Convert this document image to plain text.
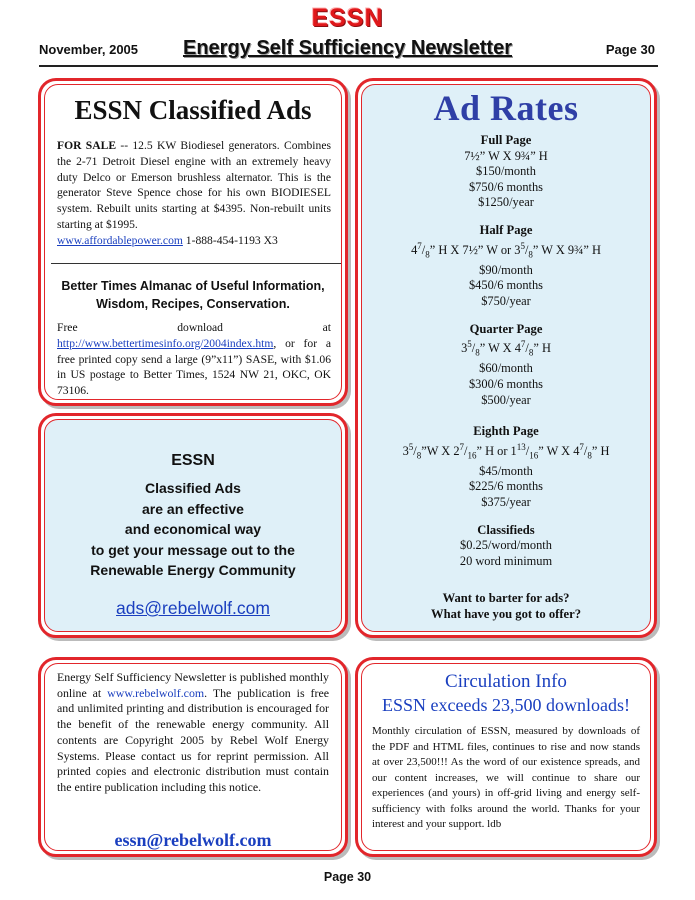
ESSN
November, 2005	Energy Self Sufficiency Newsletter	Page 30
ESSN Classified Ads
FOR SALE -- 12.5 KW Biodiesel generators. Combines the 2-71 Detroit Diesel engine with an extremely heavy duty Delco or Emerson brushless alternator. This is the generator Steve Spence chose for his own BIODIESEL system. Rebuilt units starting at $4395. Non-rebuilt units starting at $1995.
www.affordablepower.com 1-888-454-1193 X3
Better Times Almanac of Useful Information, Wisdom, Recipes, Conservation.
Free download at http://www.bettertimesinfo.org/2004index.htm, or for a free printed copy send a large (9”x11”) SASE, with $1.06 in US postage to Better Times, 1524 NW 21, OKC, OK 73106.
Ad Rates
Full Page
7½” W X 9¾” H
$150/month
$750/6 months
$1250/year
Half Page
$4^7/_8$” H X 7½” W or $3^5/_8$” W X 9¾” H
$90/month
$450/6 months
$750/year
Quarter Page
$3^5/_8$” W X $4^7/_8$” H
$60/month
$300/6 months
$500/year
Eighth Page
$3^5/_8”W$ X $2^7/_{16}$” H or $1^{13}/_{16}$” W X $4^7/_8$” H
$45/month
$225/6 months
$375/year
Classifieds
$0.25/word/month
20 word minimum
Want to barter for ads?
What have you got to offer?
ESSN
Classified Ads
are an effective
and economical way
to get your message out to the
Renewable Energy Community
ads@rebelwolf.com
Energy Self Sufficiency Newsletter is published monthly online at www.rebelwolf.com. The publication is free and unlimited printing and distribution is encouraged for the benefit of the renewable energy community. All contents are Copyright 2005 by Rebel Wolf Energy Systems. Please contact us for reprint permission. All printed copies and electronic distribution must contain the entire publication including this notice.
essn@rebelwolf.com
Circulation Info
ESSN exceeds 23,500 downloads!
Monthly circulation of ESSN, measured by downloads of the PDF and HTML files, continues to rise and now stands at over 23,500!!! As the word of our existence spreads, and our content increases, we will continue to share our experiences (and yours) in off-grid living and energy self-sufficiency with folks around the world. Thanks for your interest and your support. ldb
Page 30
